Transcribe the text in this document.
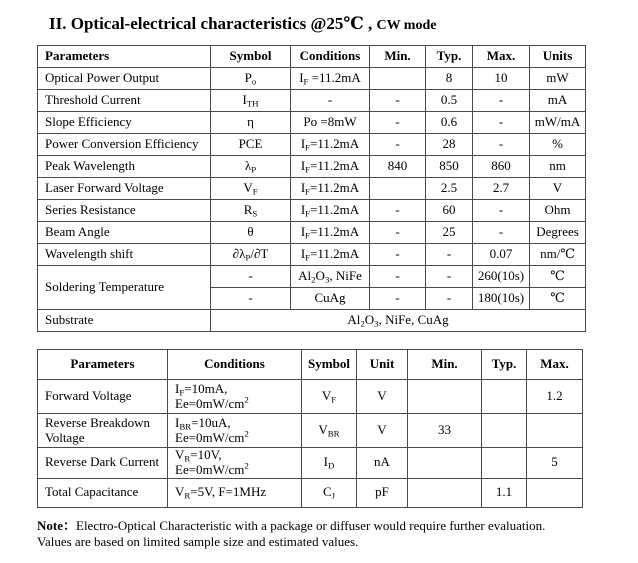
II. Optical-electrical characteristics @25℃ , CW mode
Parameters	Symbol	Conditions	Min.	Typ.	Max.	Units
Optical Power Output	$P_o$	$I_F =11.2mA$		8	10	mW
Threshold Current	$I_{TH}$	-	-	0.5	-	mA
Slope Efficiency	η	Po =8mW	-	0.6	-	mW/mA
Power Conversion Efficiency	PCE	$I_F=11.2mA$	-	28	-	%
Peak Wavelength	$\lambda_P$	$I_F=11.2mA$	840	850	860	nm
Laser Forward Voltage	$V_F$	$I_F=11.2mA$		2.5	2.7	V
Series Resistance	$R_S$	$I_F=11.2mA$	-	60	-	Ohm
Beam Angle	θ	$I_F=11.2mA$	-	25	-	Degrees
Wavelength shift	$\partial\lambda_P/\partial T$	$I_F=11.2mA$	-	-	0.07	nm/℃
Soldering Temperature	-	$Al_2O_3$, NiFe	-	-	260(10s)	℃
	-	CuAg	-	-	180(10s)	℃
Substrate	$Al_2O_3$, NiFe, CuAg					
Parameters	Conditions	Symbol	Unit	Min.	Typ.	Max.
Forward Voltage	$I_F=10mA$,
$Ee=0mW/cm^2$	$V_F$	V			1.2
Reverse Breakdown Voltage	$I_{BR}=10uA$,
$Ee=0mW/cm^2$	$V_{BR}$	V	33		
Reverse Dark Current	$V_R=10V$,
$Ee=0mW/cm^2$	$I_D$	nA			5
Total Capacitance	$V_R=5V$, F=1MHz	$C_J$	pF		1.1	

Note：Electro-Optical Characteristic with a package or diffuser would require further evaluation.
Values are based on limited sample size and estimated values.
